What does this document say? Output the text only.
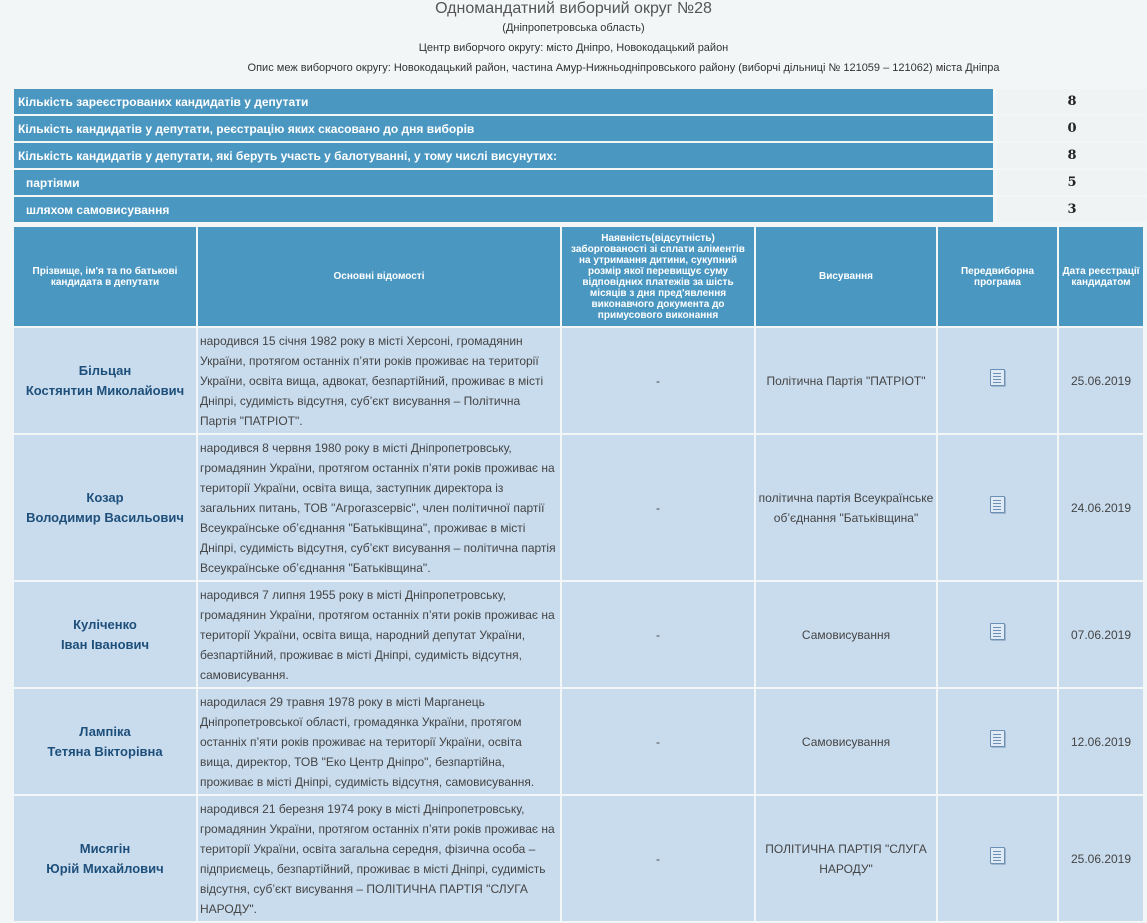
Одномандатний виборчий округ №28
(Дніпропетровська область)
Центр виборчого округу: місто Дніпро, Новокодацький район
Опис меж виборчого округу: Новокодацький район, частина Амур-Нижньодніпровського району (виборчі дільниці № 121059 – 121062) міста Дніпра
Кількість зареєстрованих кандидатів у депутати		8
Кількість кандидатів у депутати, реєстрацію яких скасовано до дня виборів		0
Кількість кандидатів у депутати, які беруть участь у балотуванні, у тому числі висунутих:		8
партіями		5
шляхом самовисування		3
Прізвище, ім'я та по батькові кандидата в депутати	Основні відомості	Наявність(відсутність) заборгованості зі сплати аліментів на утримання дитини, сукупний розмір якої перевищує суму відповідних платежів за шість місяців з дня пред'явлення виконавчого документа до примусового виконання	Висування	Передвиборна програма	Дата реєстрації кандидатом

Більцан
Костянтин Миколайович	народився 15 січня 1982 року в місті Херсоні, громадянин України, протягом останніх п’яти років проживає на території України, освіта вища, адвокат, безпартійний, проживає в місті Дніпрі, судимість відсутня, суб’єкт висування – Політична Партія "ПАТРІОТ".	-	Політична Партія "ПАТРІОТ"		25.06.2019

Козар
Володимир Васильович	народився 8 червня 1980 року в місті Дніпропетровську, громадянин України, протягом останніх п’яти років проживає на території України, освіта вища, заступник директора із загальних питань, ТОВ "Агрогазсервіс", член політичної партії Всеукраїнське об’єднання "Батьківщина", проживає в місті Дніпрі, судимість відсутня, суб’єкт висування – політична партія Всеукраїнське об’єднання "Батьківщина".	-	політична партія Всеукраїнське об’єднання "Батьківщина"		24.06.2019

Куліченко
Іван Іванович	народився 7 липня 1955 року в місті Дніпропетровську, громадянин України, протягом останніх п’яти років проживає на території України, освіта вища, народний депутат України, безпартійний, проживає в місті Дніпрі, судимість відсутня, самовисування.	-	Самовисування		07.06.2019

Лампіка
Тетяна Вікторівна	народилася 29 травня 1978 року в місті Марганець Дніпропетровської області, громадянка України, протягом останніх п’яти років проживає на території України, освіта вища, директор, ТОВ "Еко Центр Дніпро", безпартійна, проживає в місті Дніпрі, судимість відсутня, самовисування.	-	Самовисування		12.06.2019

Мисягін
Юрій Михайлович	народився 21 березня 1974 року в місті Дніпропетровську, громадянин України, протягом останніх п’яти років проживає на території України, освіта загальна середня, фізична особа – підприємець, безпартійний, проживає в місті Дніпрі, судимість відсутня, суб’єкт висування – ПОЛІТИЧНА ПАРТІЯ "СЛУГА НАРОДУ".	-	ПОЛІТИЧНА ПАРТІЯ "СЛУГА НАРОДУ"		25.06.2019
